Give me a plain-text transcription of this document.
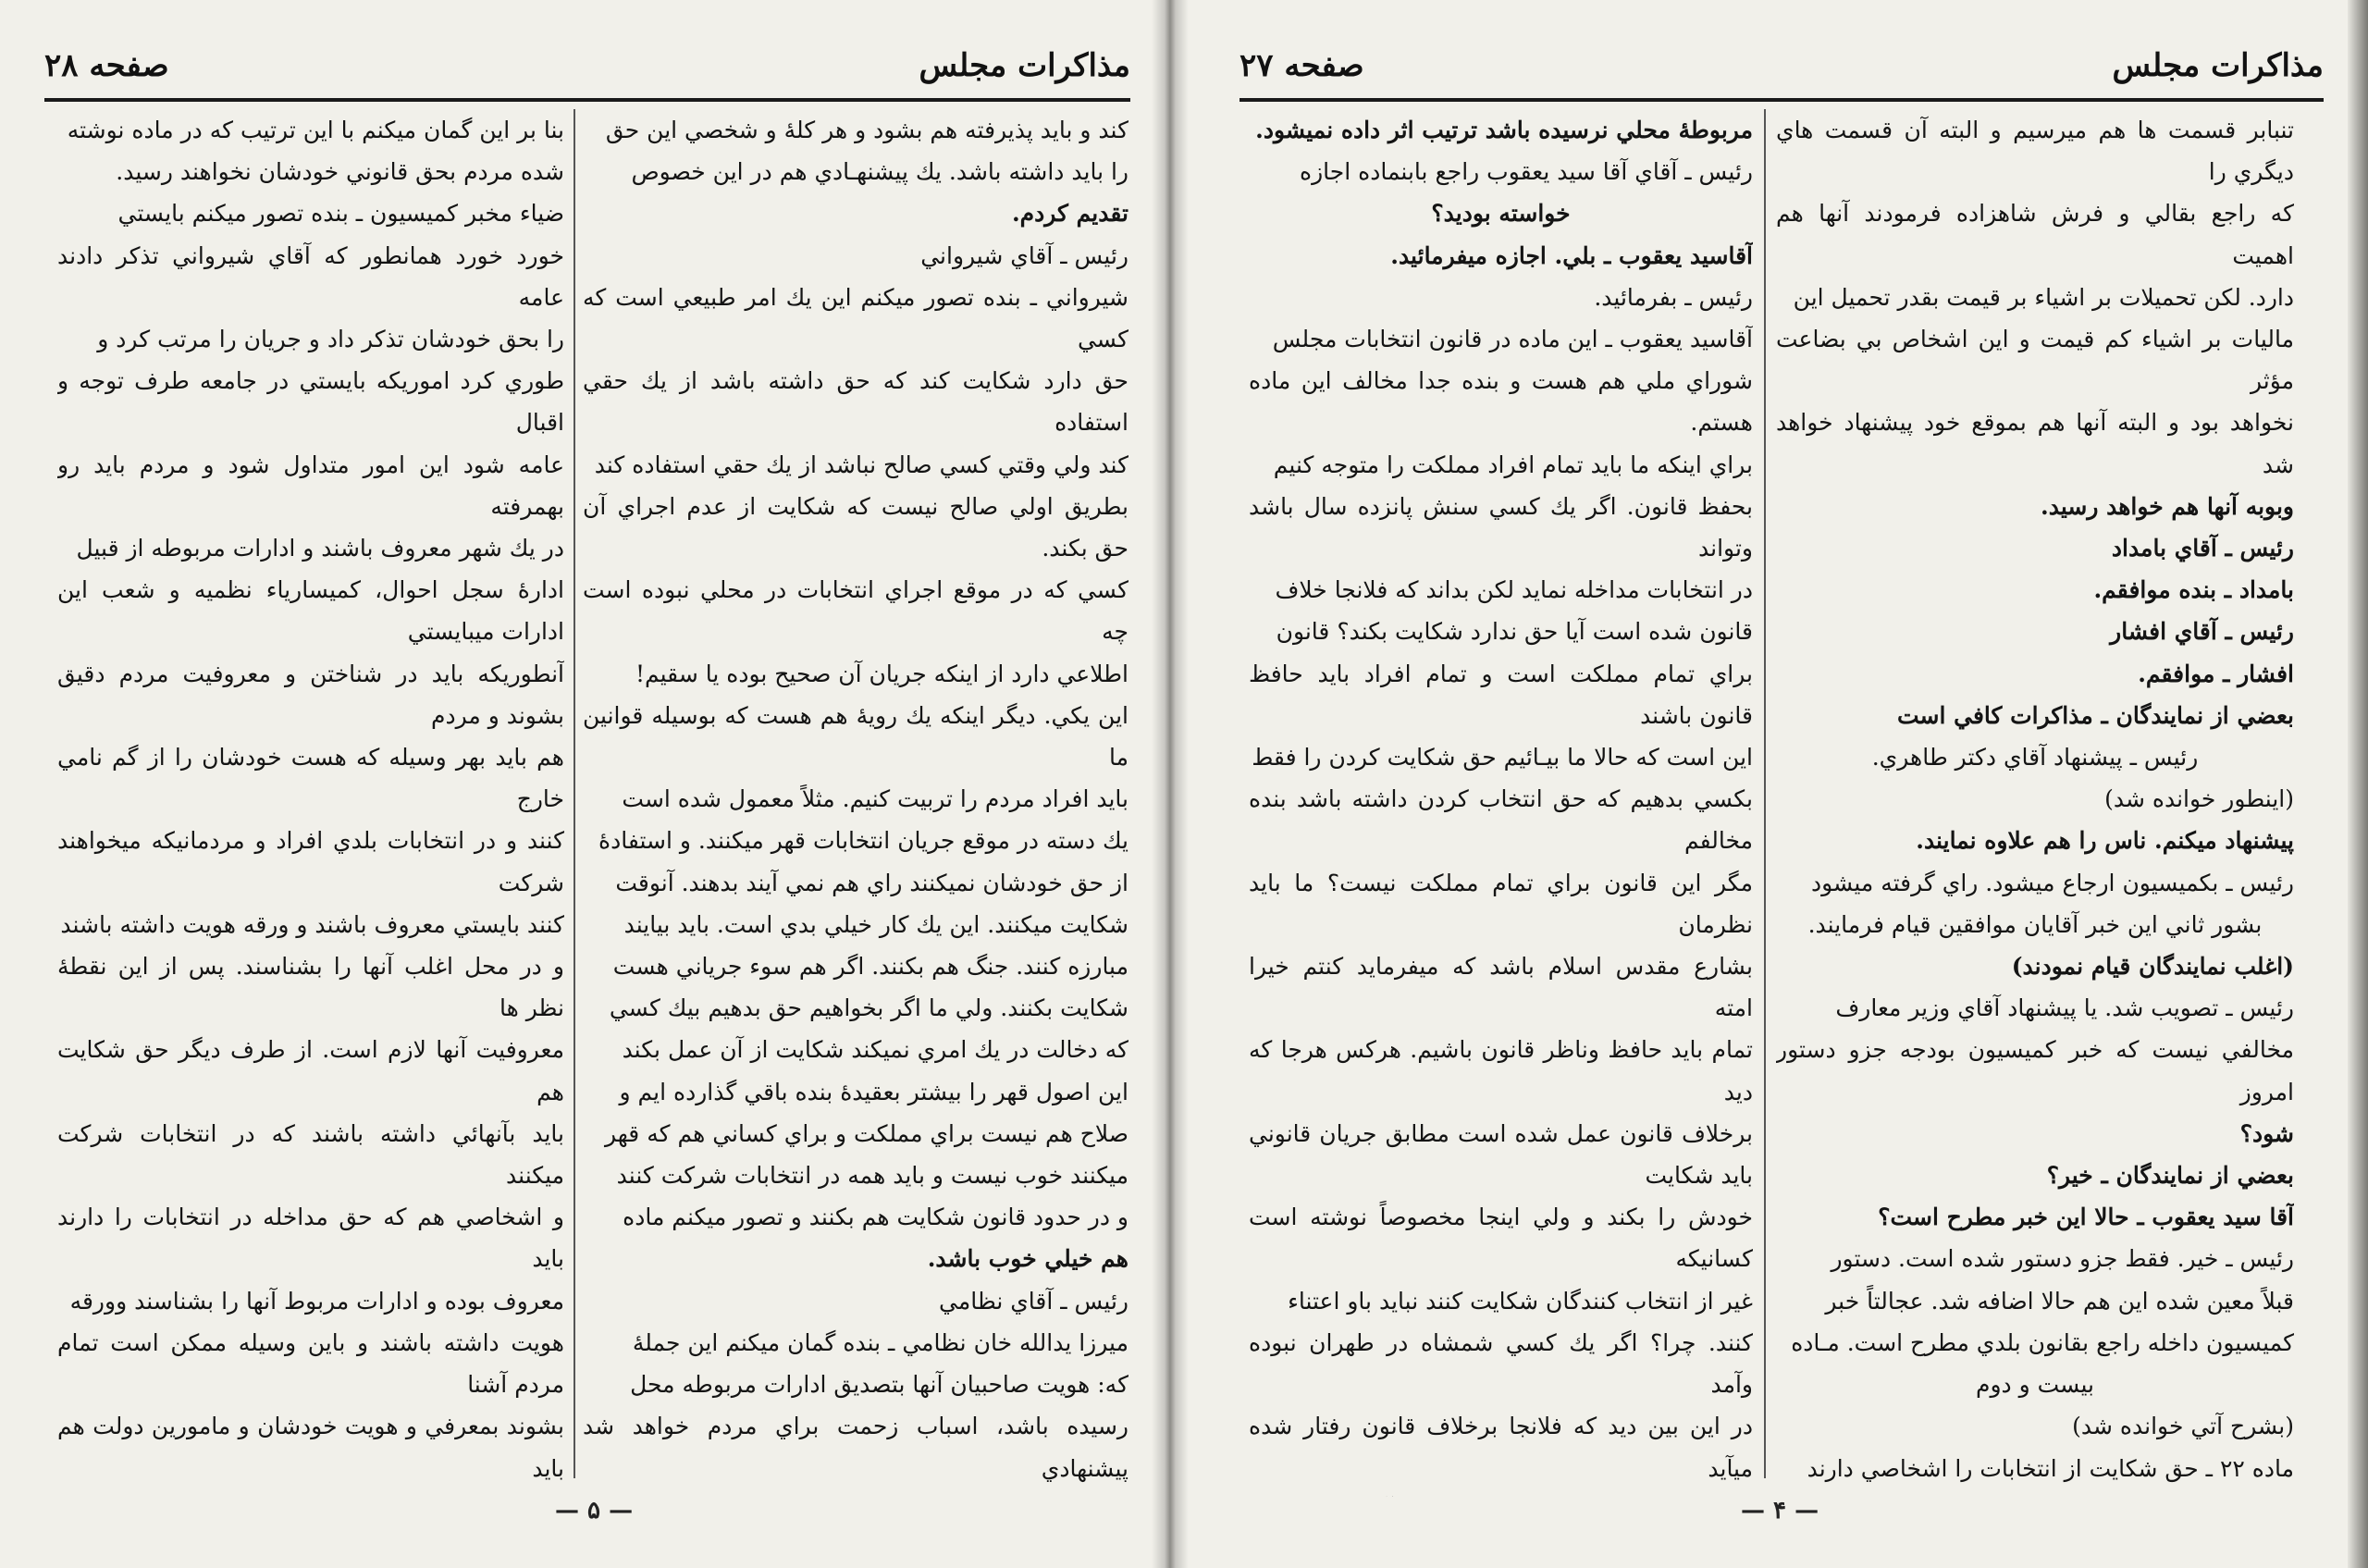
مذاكرات مجلس
صفحه ۲۸

كند و بايد پذيرفته هم بشود و هر كلهٔ و شخصي اين حق

را بايد داشته باشد. يك پيشنهـادي هم در اين خصوص

تقديم كردم.

رئيس ـ آقاي شيرواني

شيرواني ـ بنده تصور ميكنم اين يك امر طبيعي است كه كسي

حق دارد شكايت كند كه حق داشته باشد از يك حقي استفاده

كند ولي وقتي كسي صالح نباشد از يك حقي استفاده كند

بطريق اولي صالح نيست كه شكايت از عدم اجراي آن حق بكند.

كسي كه در موقع اجراي انتخابات در محلي نبوده است چه

اطلاعي دارد از اينكه جريان آن صحيح بوده يا سقيم!

اين يكي. ديگر اينكه يك رويهٔ هم هست كه بوسيله قوانين ما

بايد افراد مردم را تربيت كنيم. مثلاً معمول شده است

يك دسته در موقع جريان انتخابات قهر ميكنند. و استفادهٔ

از حق خودشان نميكنند راي هم نمي آيند بدهند. آنوقت

شكايت ميكنند. اين يك كار خيلي بدي است. بايد بيايند

مبارزه كنند. جنگ هم بكنند. اگر هم سوء جرياني هست

شكايت بكنند. ولي ما اگر بخواهيم حق بدهيم بيك كسي

كه دخالت در يك امري نميكند شكايت از آن عمل بكند

اين اصول قهر را بيشتر بعقيدهٔ بنده باقي گذارده ايم و

صلاح هم نيست براي مملكت و براي كساني هم كه قهر

ميكنند خوب نيست و بايد همه در انتخابات شركت كنند

و در حدود قانون شكايت هم بكنند و تصور ميكنم ماده

هم خيلي خوب باشد.

رئيس ـ آقاي نظامي

ميرزا يدالله خان نظامي ـ بنده گمان ميكنم اين جملهٔ

كه: هويت صاحبيان آنها بتصديق ادارات مربوطه محل

رسيده باشد، اسباب زحمت براي مردم خواهد شد پيشنهادي

بنا بر اين گمان ميكنم با اين ترتيب كه در ماده نوشته

شده مردم بحق قانوني خودشان نخواهند رسيد.

ضياء مخبر كميسيون ـ بنده تصور ميكنم بايستي

خورد خورد همانطور كه آقاي شيرواني تذكر دادند عامه

را بحق خودشان تذكر داد و جريان را مرتب كرد و

طوري كرد اموريكه بايستي در جامعه طرف توجه و اقبال

عامه شود اين امور متداول شود و مردم بايد رو بهمرفته

در يك شهر معروف باشند و ادارات مربوطه از قبيل

ادارهٔ سجل احوال، كميسارياء نظميه و شعب اين ادارات ميبايستي

آنطوريكه بايد در شناختن و معروفيت مردم دقيق بشوند و مردم

هم بايد بهر وسيله كه هست خودشان را از گم نامي خارج

كنند و در انتخابات بلدي افراد و مردمانيكه ميخواهند شركت

كنند بايستي معروف باشند و ورقه هويت داشته باشند

و در محل اغلب آنها را بشناسند. پس از اين نقطهٔ نظر ها

معروفيت آنها لازم است. از طرف ديگر حق شكايت هم

بايد بآنهائي داشته باشند كه در انتخابات شركت ميكنند

و اشخاصي هم كه حق مداخله در انتخابات را دارند بايد

معروف بوده و ادارات مربوط آنها را بشناسند وورقه

هويت داشته باشند و باين وسيله ممكن است تمام مردم آشنا

بشوند بمعرفي و هويت خودشان و مامورين دولت هم بايد

— ۵ —
مذاكرات مجلس
صفحه ۲۷

تنبابر قسمت ها هم ميرسيم و البته آن قسمت هاي ديگري را

كه راجع بقالي و فرش شاهزاده فرمودند آنها هم اهميت

دارد. لكن تحميلات بر اشياء بر قيمت بقدر تحميل اين

ماليات بر اشياء كم قيمت و اين اشخاص بي بضاعت مؤثر

نخواهد بود و البته آنها هم بموقع خود پيشنهاد خواهد شد

وبوبه آنها هم خواهد رسيد.

رئيس ـ آقاي بامداد

بامداد ـ بنده موافقم.

رئيس ـ آقاي افشار

افشار ـ موافقم.

بعضي از نمايندگان ـ مذاكرات كافي است

رئيس ـ پيشنهاد آقاي دكتر طاهري.

(اينطور خوانده شد)

پيشنهاد ميكنم. ناس را هم علاوه نمايند.

رئيس ـ بكميسيون ارجاع ميشود. راي گرفته ميشود

بشور ثاني اين خبر آقايان موافقين قيام فرمايند.

(اغلب نمايندگان قيام نمودند)

رئيس ـ تصويب شد. يا پيشنهاد آقاي وزير معارف

مخالفي نيست كه خبر كميسيون بودجه جزو دستور امروز

شود؟

بعضي از نمايندگان ـ خير؟

آقا سيد يعقوب ـ حالا اين خبر مطرح است؟

رئيس ـ خير. فقط جزو دستور شده است. دستور

قبلاً معين شده اين هم حالا اضافه شد. عجالتاً خبر

كميسيون داخله راجع بقانون بلدي مطرح است. مـاده

بيست و دوم

(بشرح آتي خوانده شد)

ماده ۲۲ ـ حق شكايت از انتخابات را اشخاصي دارند

مربوطهٔ محلي نرسيده باشد ترتيب اثر داده نميشود.

رئيس ـ آقاي آقا سيد يعقوب راجع بابنماده اجازه

خواسته بوديد؟

آقاسيد يعقوب ـ بلي. اجازه ميفرمائيد.

رئيس ـ بفرمائيد.

آقاسيد يعقوب ـ اين ماده در قانون انتخابات مجلس

شوراي ملي هم هست و بنده جدا مخالف اين ماده هستم.

براي اينكه ما بايد تمام افراد مملكت را متوجه كنيم

بحفظ قانون. اگر يك كسي سنش پانزده سال باشد وتواند

در انتخابات مداخله نمايد لكن بداند كه فلانجا خلاف

قانون شده است آيا حق ندارد شكايت بكند؟ قانون

براي تمام مملكت است و تمام افراد بايد حافظ قانون باشند

اين است كه حالا ما بيـائيم حق شكايت كردن را فقط

بكسي بدهيم كه حق انتخاب كردن داشته باشد بنده مخالفم

مگر اين قانون براي تمام مملكت نيست؟ ما بايد نظرمان

بشارع مقدس اسلام باشد كه ميفرمايد كنتم خيرا امته

تمام بايد حافظ وناظر قانون باشيم. هركس هرجا كه ديد

برخلاف قانون عمل شده است مطابق جريان قانوني بايد شكايت

خودش را بكند و ولي اينجا مخصوصاً نوشته است كسانيكه

غير از انتخاب كنندگان شكايت كنند نبايد باو اعتناء

كنند. چرا؟ اگر يك كسي شمشاه در طهران نبوده وآمد

در اين بين ديد كه فلانجا برخلاف قانون رفتار شده ميآيد

— ۴ —
